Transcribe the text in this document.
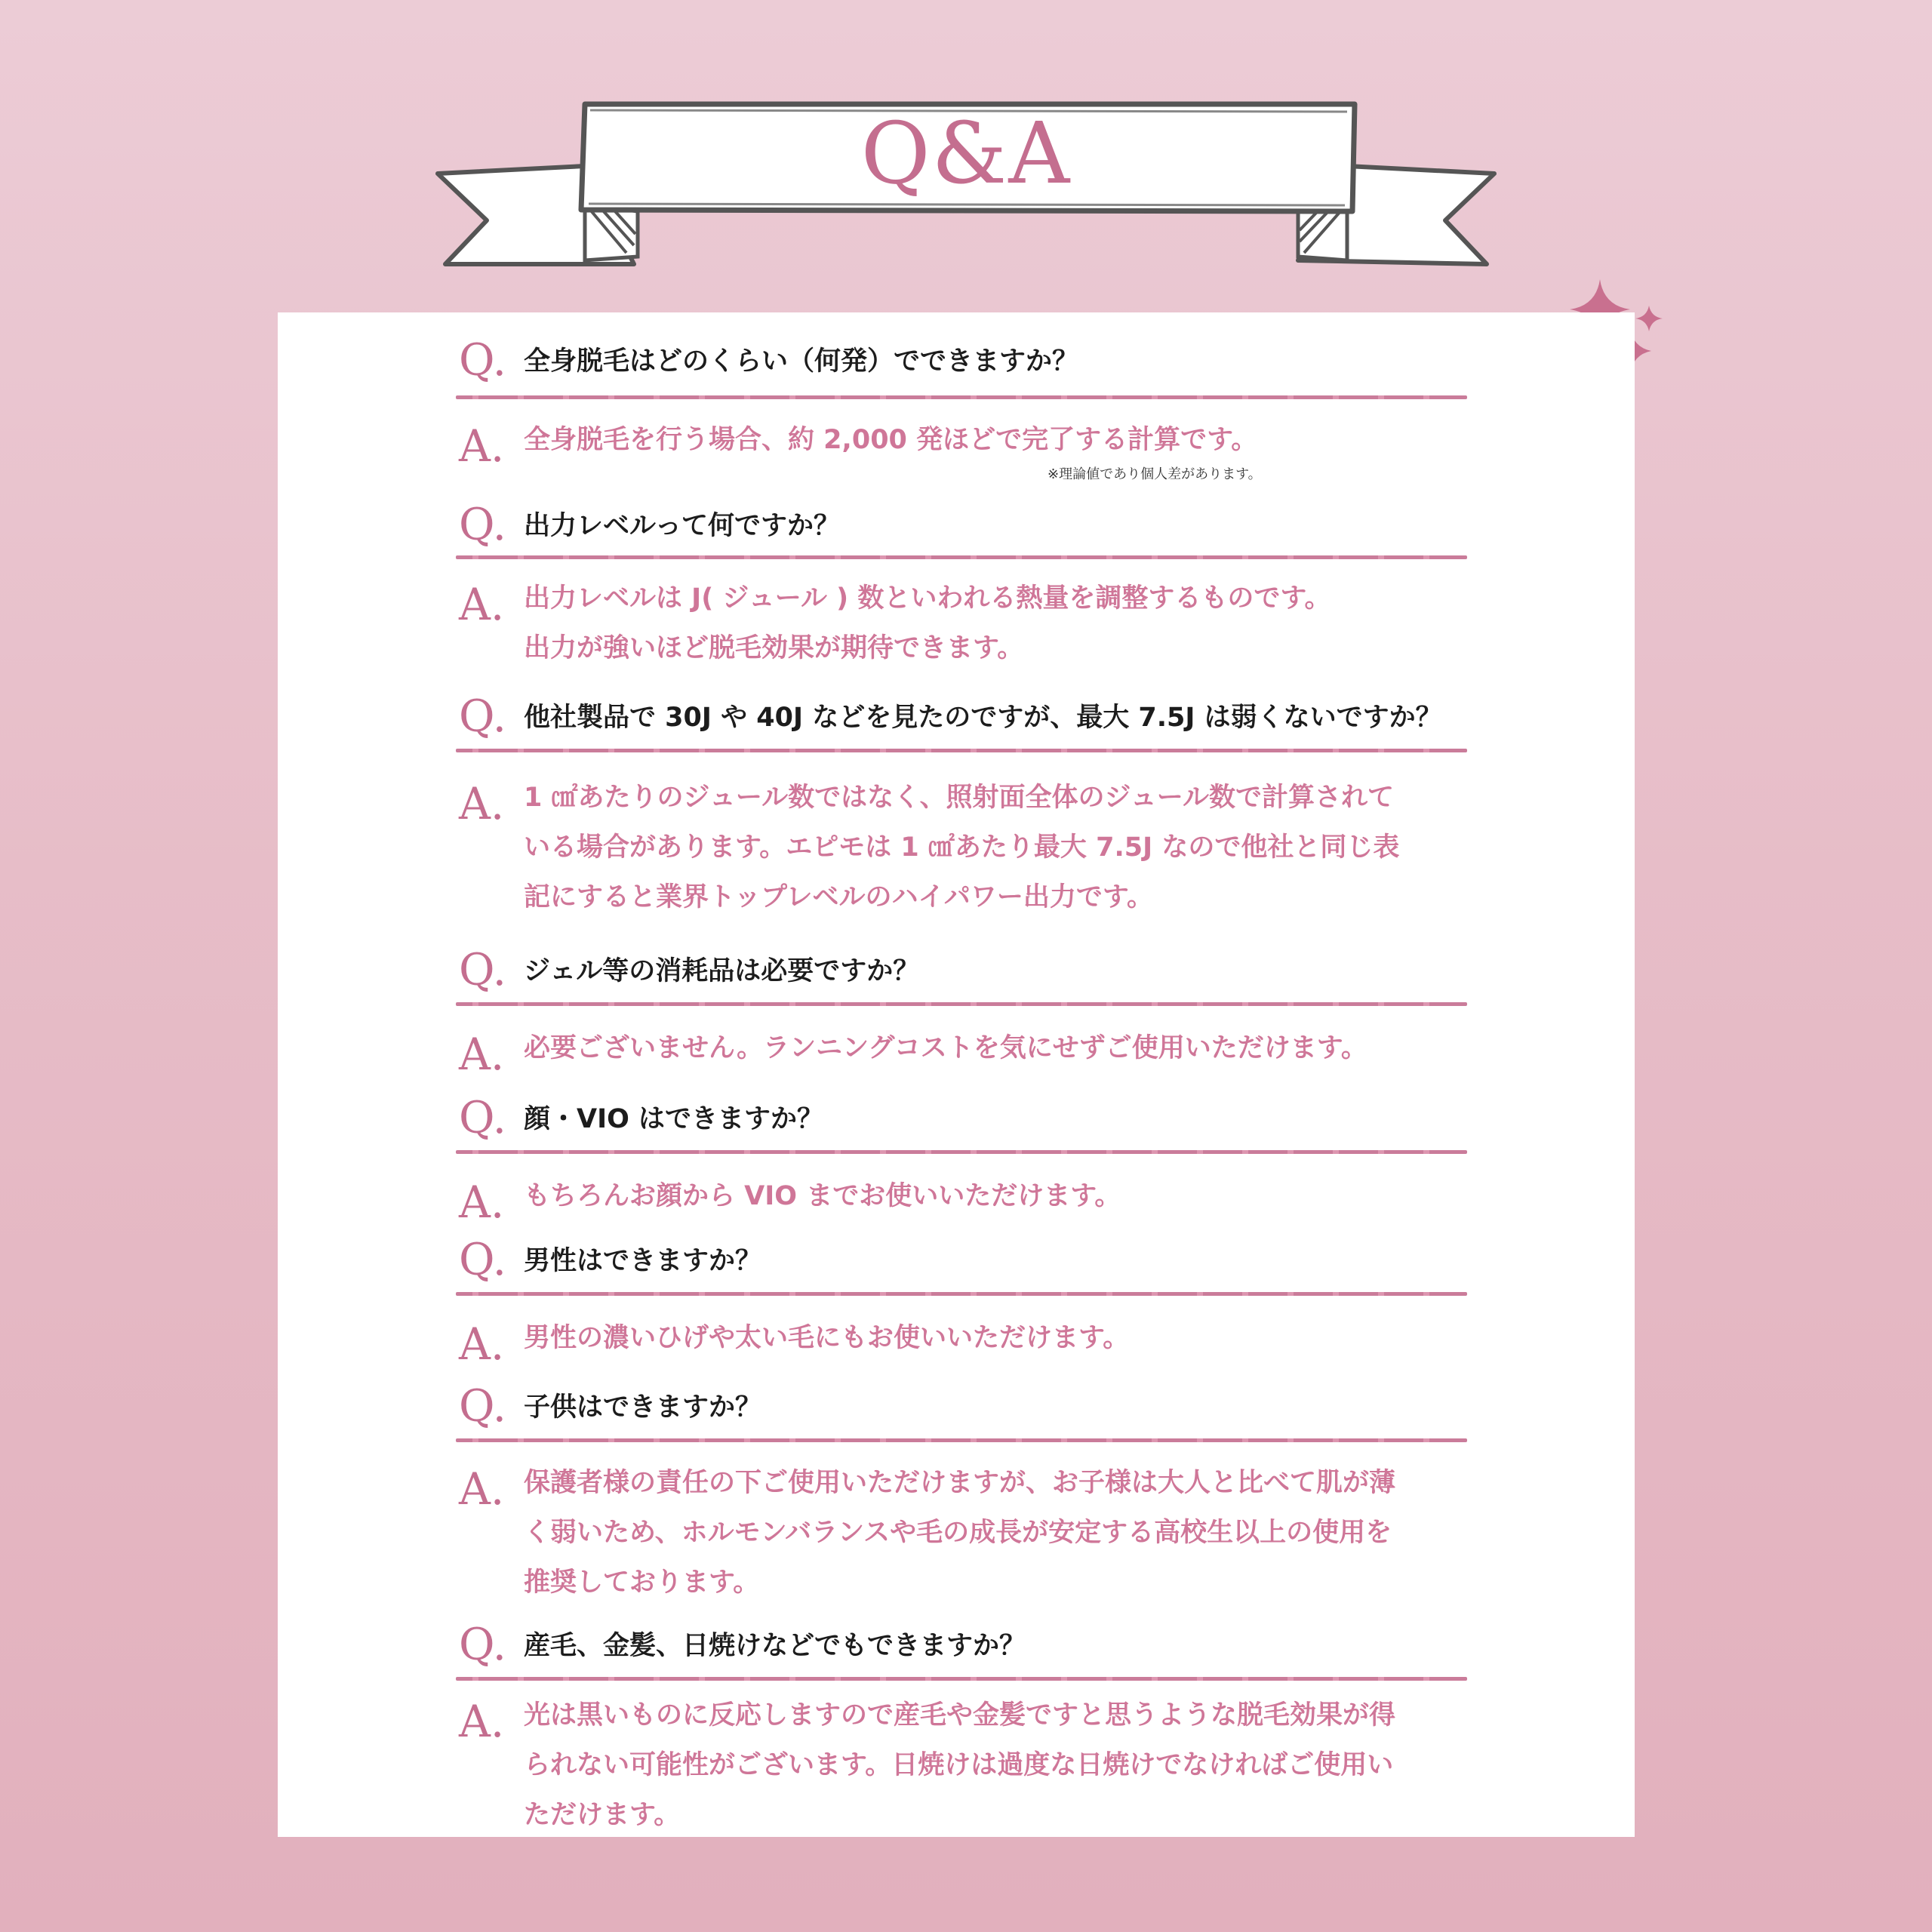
Q&A
Q. 全身脱毛はどのくらい（何発）でできますか？
A. 全身脱毛を行う場合、約 2,000 発ほどで完了する計算です。
※理論値であり個人差があります。
Q. 出力レベルって何ですか？
A. 出力レベルは J( ジュール ) 数といわれる熱量を調整するものです。
出力が強いほど脱毛効果が期待できます。
Q. 他社製品で 30J や 40J などを見たのですが、最大 7.5J は弱くないですか？
A. 1 ㎠あたりのジュール数ではなく、照射面全体のジュール数で計算されて
いる場合があります。エピモは 1 ㎠あたり最大 7.5J なので他社と同じ表
記にすると業界トップレベルのハイパワー出力です。
Q. ジェル等の消耗品は必要ですか？
A. 必要ございません。ランニングコストを気にせずご使用いただけます。
Q. 顔・VIO はできますか？
A. もちろんお顔から VIO までお使いいただけます。
Q. 男性はできますか？
A. 男性の濃いひげや太い毛にもお使いいただけます。
Q. 子供はできますか？
A. 保護者様の責任の下ご使用いただけますが、お子様は大人と比べて肌が薄
く弱いため、ホルモンバランスや毛の成長が安定する高校生以上の使用を
推奨しております。
Q. 産毛、金髪、日焼けなどでもできますか？
A. 光は黒いものに反応しますので産毛や金髪ですと思うような脱毛効果が得
られない可能性がございます。日焼けは過度な日焼けでなければご使用い
ただけます。
